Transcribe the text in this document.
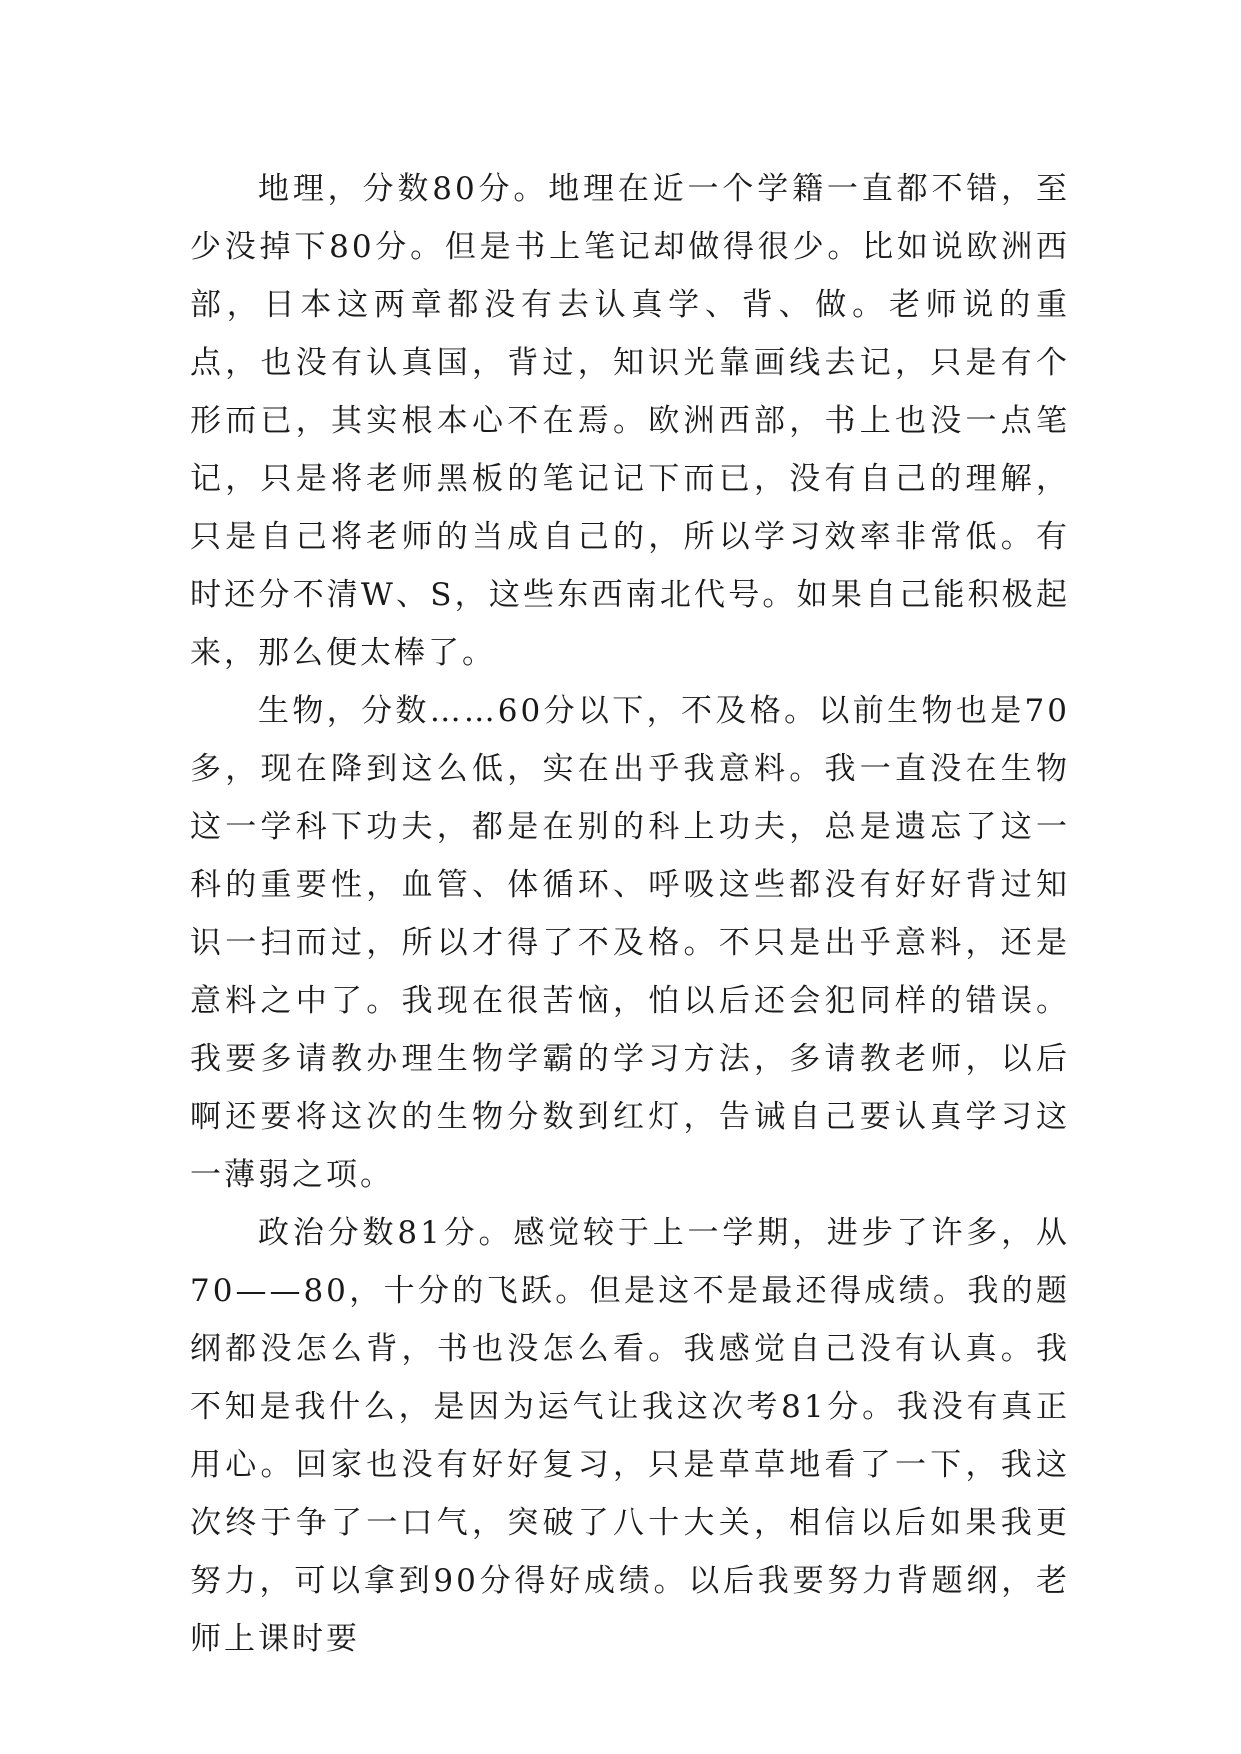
地理，分数80分。地理在近一个学籍一直都不错，至少没掉下80分。但是书上笔记却做得很少。比如说欧洲西部，日本这两章都没有去认真学、背、做。老师说的重点，也没有认真国，背过，知识光靠画线去记，只是有个形而已，其实根本心不在焉。欧洲西部，书上也没一点笔记，只是将老师黑板的笔记记下而已，没有自己的理解，只是自己将老师的当成自己的，所以学习效率非常低。有时还分不清W、S，这些东西南北代号。如果自己能积极起来，那么便太棒了。

生物，分数……60分以下，不及格。以前生物也是70多，现在降到这么低，实在出乎我意料。我一直没在生物这一学科下功夫，都是在别的科上功夫，总是遗忘了这一科的重要性，血管、体循环、呼吸这些都没有好好背过知识一扫而过，所以才得了不及格。不只是出乎意料，还是意料之中了。我现在很苦恼，怕以后还会犯同样的错误。我要多请教办理生物学霸的学习方法，多请教老师，以后啊还要将这次的生物分数到红灯，告诫自己要认真学习这一薄弱之项。

政治分数81分。感觉较于上一学期，进步了许多，从70——80，十分的飞跃。但是这不是最还得成绩。我的题纲都没怎么背，书也没怎么看。我感觉自己没有认真。我不知是我什么，是因为运气让我这次考81分。我没有真正用心。回家也没有好好复习，只是草草地看了一下，我这次终于争了一口气，突破了八十大关，相信以后如果我更努力，可以拿到90分得好成绩。以后我要努力背题纲，老师上课时要
